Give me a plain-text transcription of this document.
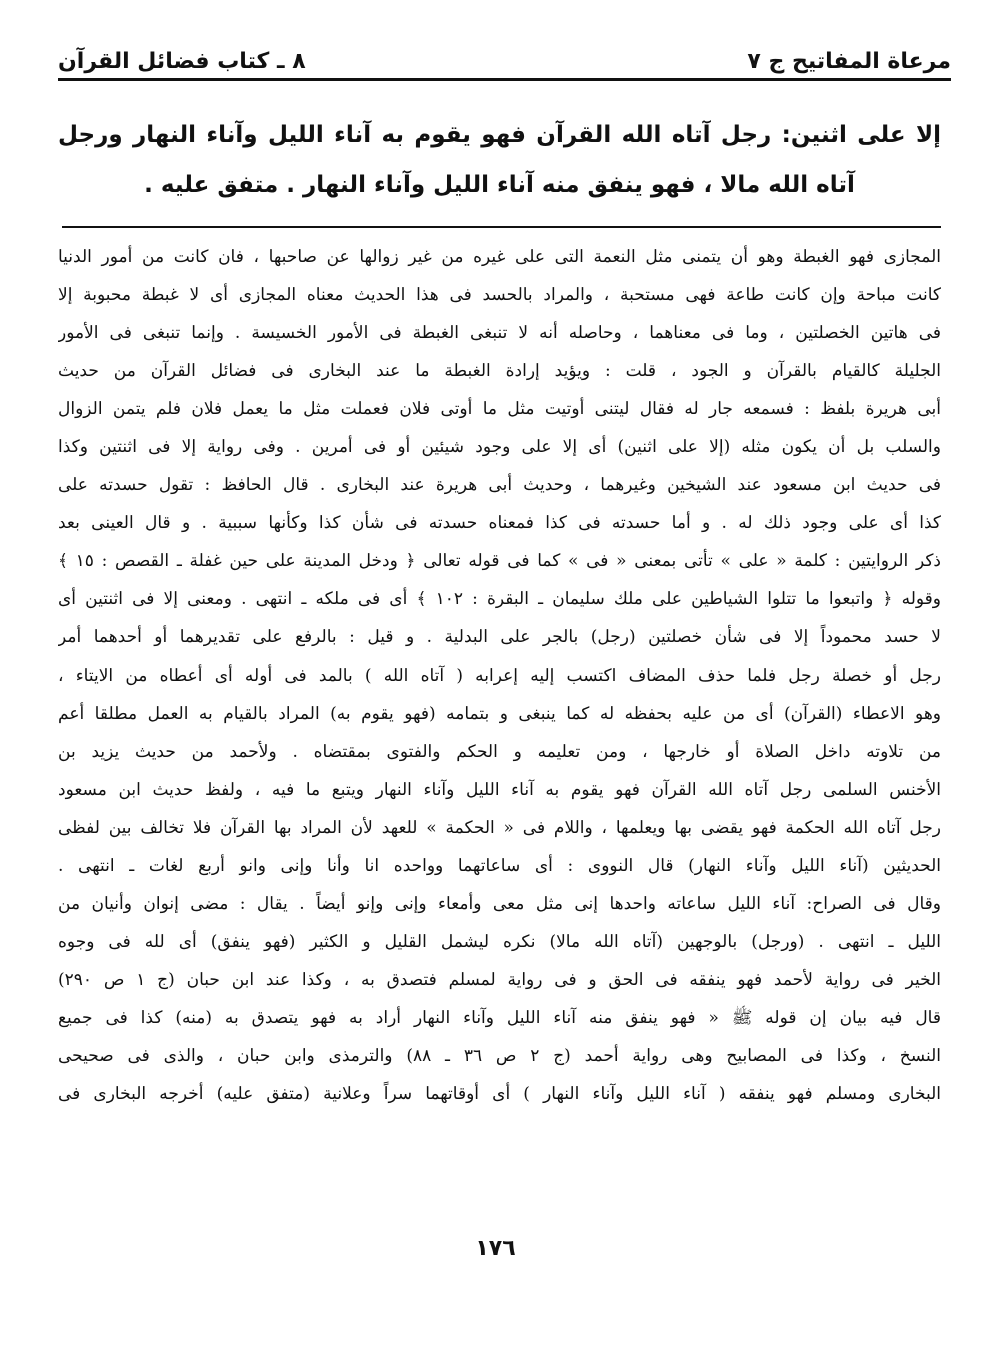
مرعاة المفاتيح ج ٧
٨ ـ كتاب فضائل القرآن
إلا على اثنين: رجل آتاه الله القرآن فهو يقوم به آناء الليل وآناء النهار ورجل آتاه الله مالا ، فهو ينفق منه آناء الليل وآناء النهار . متفق عليه .
المجازى فهو الغبطة وهو أن يتمنى مثل النعمة التى على غيره من غير زوالها عن صاحبها ، فان كانت من أمور الدنيا
كانت مباحة وإن كانت طاعة فهى مستحبة ، والمراد بالحسد فى هذا الحديث معناه المجازى أى لا غبطة محبوبة إلا
فى هاتين الخصلتين ، وما فى معناهما ، وحاصله أنه لا تنبغى الغبطة فى الأمور الخسيسة . وإنما تنبغى فى الأمور
الجليلة كالقيام بالقرآن و الجود ، قلت : ويؤيد إرادة الغبطة ما عند البخارى فى فضائل القرآن من حديث
أبى هريرة بلفظ : فسمعه جار له فقال ليتنى أوتيت مثل ما أوتى فلان فعملت مثل ما يعمل فلان فلم يتمن الزوال
والسلب بل أن يكون مثله (إلا على اثنين) أى إلا على وجود شيئين أو فى أمرين . وفى رواية إلا فى اثنتين وكذا
فى حديث ابن مسعود عند الشيخين وغيرهما ، وحديث أبى هريرة عند البخارى . قال الحافظ : تقول حسدته على
كذا أى على وجود ذلك له . و أما حسدته فى كذا فمعناه حسدته فى شأن كذا وكأنها سببية . و قال العينى بعد
ذكر الروايتين : كلمة « على » تأتى بمعنى « فى » كما فى قوله تعالى ﴿ ودخل المدينة على حين غفلة ـ القصص : ١٥ ﴾
وقوله ﴿ واتبعوا ما تتلوا الشياطين على ملك سليمان ـ البقرة : ١٠٢ ﴾ أى فى ملكه ـ انتهى . ومعنى إلا فى اثنتين أى
لا حسد محموداً إلا فى شأن خصلتين (رجل) بالجر على البدلية . و قيل : بالرفع على تقديرهما أو أحدهما أمر
رجل أو خصلة رجل فلما حذف المضاف اكتسب إليه إعرابه ( آتاه الله ) بالمد فى أوله أى أعطاه من الايتاء ،
وهو الاعطاء (القرآن) أى من عليه بحفظه له كما ينبغى و بتمامه (فهو يقوم به) المراد بالقيام به العمل مطلقا أعم
من تلاوته داخل الصلاة أو خارجها ، ومن تعليمه و الحكم والفتوى بمقتضاه . ولأحمد من حديث يزيد بن
الأخنس السلمى رجل آتاه الله القرآن فهو يقوم به آناء الليل وآناء النهار ويتبع ما فيه ، ولفظ حديث ابن مسعود
رجل آتاه الله الحكمة فهو يقضى بها ويعلمها ، واللام فى « الحكمة » للعهد لأن المراد بها القرآن فلا تخالف بين لفظى
الحديثين (آناء الليل وآناء النهار) قال النووى : أى ساعاتهما وواحده انا وأنا وإنى وانو أربع لغات ـ انتهى .
وقال فى الصراح: آناء الليل ساعاته واحدها إنى مثل معى وأمعاء وإنى وإنو أيضاً . يقال : مضى إنوان وأنيان من
الليل ـ انتهى . (ورجل) بالوجهين (آتاه الله مالا) نكره ليشمل القليل و الكثير (فهو ينفق) أى لله فى وجوه
الخير فى رواية لأحمد فهو ينفقه فى الحق و فى رواية لمسلم فتصدق به ، وكذا عند ابن حبان (ج ١ ص ٢٩٠)
قال فيه بيان إن قوله ﷺ « فهو ينفق منه آناء الليل وآناء النهار أراد به فهو يتصدق به (منه) كذا فى جميع
النسخ ، وكذا فى المصابيح وهى رواية أحمد (ج ٢ ص ٣٦ ـ ٨٨) والترمذى وابن حبان ، والذى فى صحيحى
البخارى ومسلم فهو ينفقه ( آناء الليل وآناء النهار ) أى أوقاتهما سراً وعلانية (متفق عليه) أخرجه البخارى فى
١٧٦
